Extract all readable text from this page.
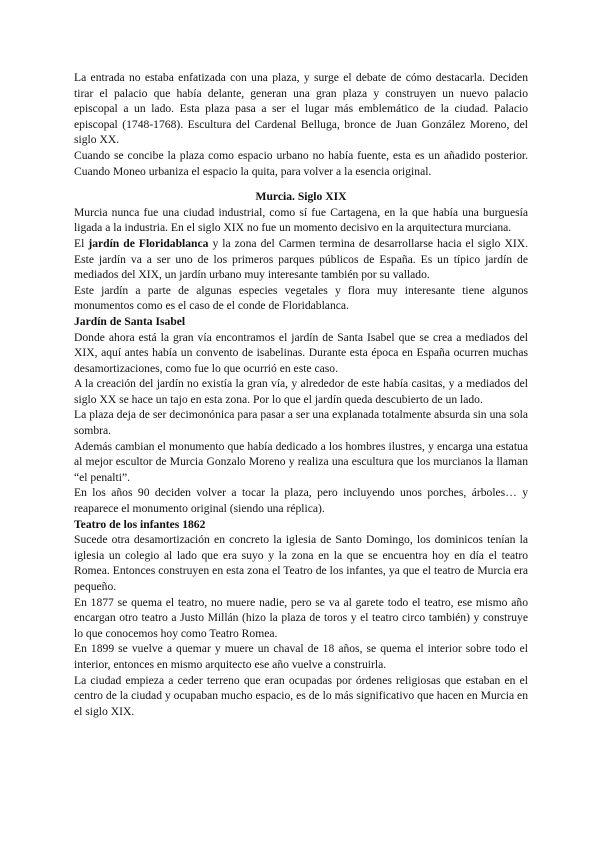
La entrada no estaba enfatizada con una plaza, y surge el debate de cómo destacarla. Deciden tirar el palacio que había delante, generan una gran plaza y construyen un nuevo palacio episcopal a un lado. Esta plaza pasa a ser el lugar más emblemático de la ciudad. Palacio episcopal (1748-1768). Escultura del Cardenal Belluga, bronce de Juan González Moreno, del siglo XX.

Cuando se concibe la plaza como espacio urbano no había fuente, esta es un añadido posterior. Cuando Moneo urbaniza el espacio la quita, para volver a la esencia original.

Murcia. Siglo XIX

Murcia nunca fue una ciudad industrial, como sí fue Cartagena, en la que había una burguesía ligada a la industria. En el siglo XIX no fue un momento decisivo en la arquitectura murciana.

El jardín de Floridablanca y la zona del Carmen termina de desarrollarse hacia el siglo XIX. Este jardín va a ser uno de los primeros parques públicos de España. Es un típico jardín de mediados del XIX, un jardín urbano muy interesante también por su vallado.

Este jardín a parte de algunas especies vegetales y flora muy interesante tiene algunos monumentos como es el caso de el conde de Floridablanca.

Jardín de Santa Isabel

Donde ahora está la gran vía encontramos el jardín de Santa Isabel que se crea a mediados del XIX, aquí antes había un convento de isabelinas. Durante esta época en España ocurren muchas desamortizaciones, como fue lo que ocurrió en este caso.

A la creación del jardín no existía la gran vía, y alrededor de este había casitas, y a mediados del siglo XX se hace un tajo en esta zona. Por lo que el jardín queda descubierto de un lado.

La plaza deja de ser decimonónica para pasar a ser una explanada totalmente absurda sin una sola sombra.

Además cambian el monumento que había dedicado a los hombres ilustres, y encarga una estatua al mejor escultor de Murcia Gonzalo Moreno y realiza una escultura que los murcianos la llaman “el penalti”.

En los años 90 deciden volver a tocar la plaza, pero incluyendo unos porches, árboles… y reaparece el monumento original (siendo una réplica).

Teatro de los infantes 1862

Sucede otra desamortización en concreto la iglesia de Santo Domingo, los dominicos tenían la iglesia un colegio al lado que era suyo y la zona en la que se encuentra hoy en día el teatro Romea. Entonces construyen en esta zona el Teatro de los infantes, ya que el teatro de Murcia era pequeño.

En 1877 se quema el teatro, no muere nadie, pero se va al garete todo el teatro, ese mismo año encargan otro teatro a Justo Millán (hizo la plaza de toros y el teatro circo también) y construye lo que conocemos hoy como Teatro Romea.

En 1899 se vuelve a quemar y muere un chaval de 18 años, se quema el interior sobre todo el interior, entonces en mismo arquitecto ese año vuelve a construirla.

La ciudad empieza a ceder terreno que eran ocupadas por órdenes religiosas que estaban en el centro de la ciudad y ocupaban mucho espacio, es de lo más significativo que hacen en Murcia en el siglo XIX.
